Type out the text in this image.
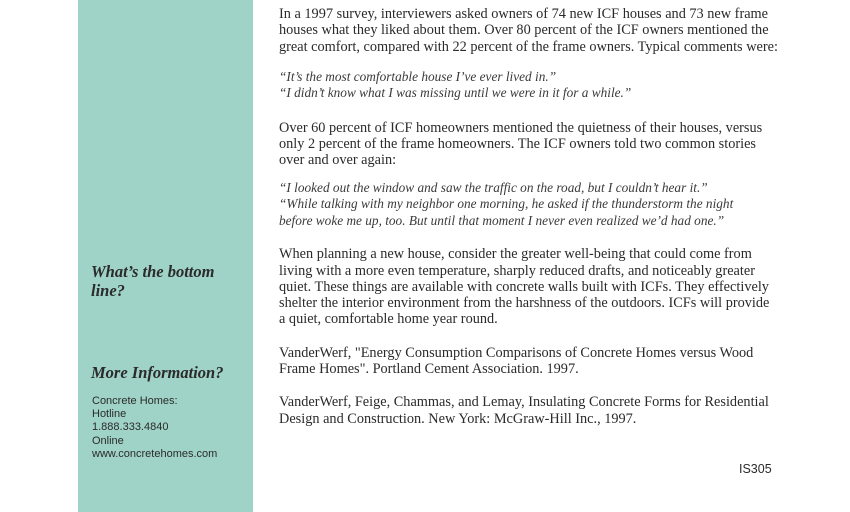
What’s the bottom line?
More Information?
Concrete Homes:
Hotline
1.888.333.4840
Online
www.concretehomes.com

In a 1997 survey, interviewers asked owners of 74 new ICF houses and 73 new frame houses what they liked about them. Over 80 percent of the ICF owners mentioned the great comfort, compared with 22 percent of the frame owners. Typical comments were:

“It’s the most comfortable house I’ve ever lived in.”
“I didn’t know what I was missing until we were in it for a while.”

Over 60 percent of ICF homeowners mentioned the quietness of their houses, versus only 2 percent of the frame homeowners. The ICF owners told two common stories over and over again:

“I looked out the window and saw the traffic on the road, but I couldn’t hear it.”
“While talking with my neighbor one morning, he asked if the thunderstorm the night
before woke me up, too. But until that moment I never even realized we’d had one.”

When planning a new house, consider the greater well-being that could come from living with a more even temperature, sharply reduced drafts, and noticeably greater quiet. These things are available with concrete walls built with ICFs. They effectively shelter the interior environment from the harshness of the outdoors. ICFs will provide a quiet, comfortable home year round.

VanderWerf, "Energy Consumption Comparisons of Concrete Homes versus Wood Frame Homes". Portland Cement Association. 1997.

VanderWerf, Feige, Chammas, and Lemay, Insulating Concrete Forms for Residential Design and Construction. New York: McGraw-Hill Inc., 1997.

IS305
